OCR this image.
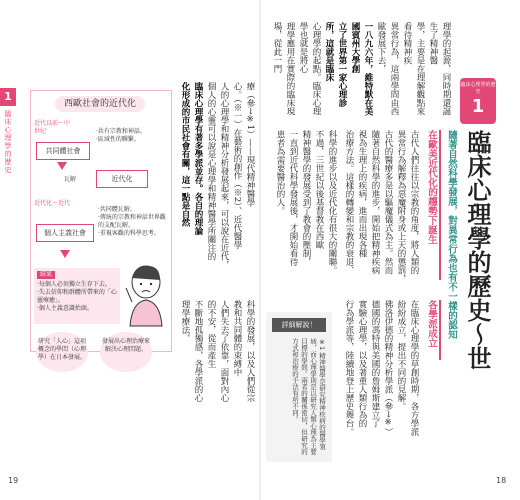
1
臨床心理學的歷史
西歐社會的近代化
近代以前～中世紀
共同體社會
‧共有宗教和神話。
‧區域性的聯繫。
近代化
瓦解
近代化～近代
個人主義社會
‧共同體瓦解。
‧傳統的宗教和神話世界觀的支配瓦解。
‧重視客觀的科學思考。
結果
‧每個人必須獨立生存下去。
‧失去信仰和群體所帶來的「心靈療癒」。
‧個人主義意識抬頭。
研究「人心」這項概念的學問（心理學）在日本發展。
發展出心理治療來解決心理問題。
療（參→※1）——現代精神醫學
心。（※一）在藝術的創作（※2）、近代醫學
人的心理學和精神分析發展起來，可以說在近代，
個人的心靈可以說是心理學和精神醫學所關注的
臨床心理學有著多學派並存。各自的理論
化形成的市民社會有關，這一點是自然
科學的發展，以及人們從宗教和共同體的束縛中
人們失去了依靠，面對內心的不安，從而產生
不斷地孤獨感，各學派的心理學療法，
19
臨床心理學的歷史
1
臨床心理學的歷史～世
隨著自然科學發展，對異常行為也有不一樣的認知
在歐美近代化的趨勢下誕生
古代人們往往以宗教的角度，將人類的
異常行為解釋為惡魔附身或上天的懲罰，
古代的醫療多是以驅魔儀式為主。然而
隨著自然科學的進步，開始把精神疾病
視為生理上的疾病，進而出現各種
治療方法。這樣的轉變和宗教的衰退、
科學的進步以及近代化有很大的關聯。
不過，三世紀以後基督教在西歐
精神醫學的發展受到了教會的壓制，
一直到近代科學發展後，才開始看待
患者為需要醫治的人。
各學派成立
在臨床心理學的草創時期，各方學派
紛紛成立，提出不同的見解。
佛洛伊德的精神分析學派（參→※）
德國的馮特與美國的詹姆斯建立了
實驗心理學，以及著重人類行為的
行為學派等，陸續地登上歷史舞台。
理學的起源，同時期還誕生了精神醫
學，主要是在理解觀點來看待精神疾
異常行為，這兩學問由西歐發展下去，
一八九六年，維特默在美國賓州大學創
立了世界第一家心理診所，這就是臨床
心理學的起點。臨床心理學也就是將心
理學應用在實際的臨床現場，從此一門
詳細解說！
※1 精神醫學是研究精神疾病的醫學領域，而心理學則是以研究人類心理為主要目標的學問。兩者的關係密切，但研究的方式和治療的手法有所不同。
18
